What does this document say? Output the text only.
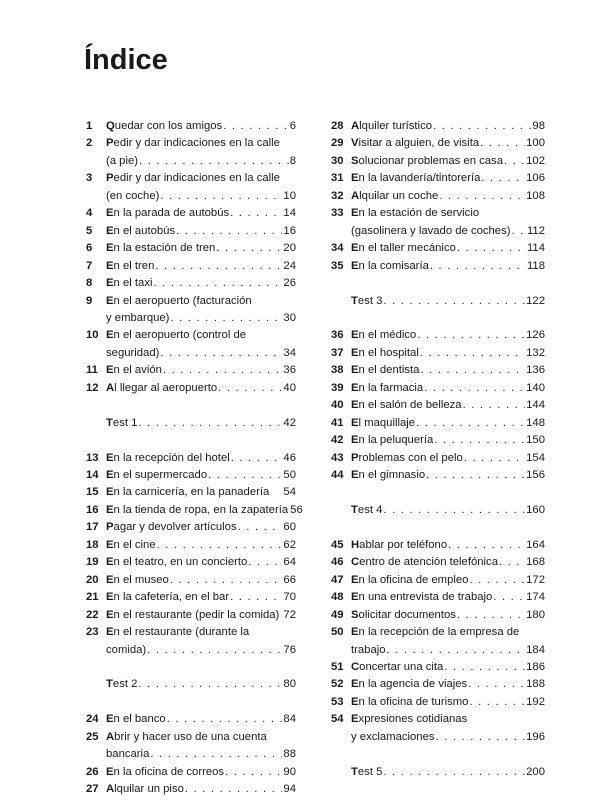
Índice
1	Quedar con los amigos . . .	6
2	Pedir y dar indicaciones en la calle
(a pie) . . .	8
3	Pedir y dar indicaciones en la calle
(en coche) . . .	10
4	En la parada de autobús . . .	14
5	En el autobús . . .	16
6	En la estación de tren . . .	20
7	En el tren . . .	24
8	En el taxi . . .	26
9	En el aeropuerto (facturación
y embarque) . . .	30
10 En el aeropuerto (control de
seguridad) . . .	34
11 En el avión . . .	36
12 Al llegar al aeropuerto . . .	40
Test 1 . . .	42
13 En la recepción del hotel . . .	46
14 En el supermercado . . .	50
15 En la carnicería, en la panadería 54
16 En la tienda de ropa, en la zapatería 56
17 Pagar y devolver artículos . . .	60
18 En el cine . . .	62
19 En el teatro, en un concierto . . .	64
20 En el museo . . .	66
21 En la cafetería, en el bar . . .	70
22 En el restaurante (pedir la comida) 72
23 En el restaurante (durante la
comida) . . .	76
Test 2 . . .	80
24 En el banco . . .	84
25 Abrir y hacer uso de una cuenta
bancaria . . .	88
26 En la oficina de correos . . .	90
27 Alquilar un piso . . .	94
28 Alquiler turístico . . .	98
29 Visitar a alguien, de visita . . .	100
30 Solucionar problemas en casa . . . 102
31 En la lavandería/tintorería . . .	106
32 Alquilar un coche . . .	108
33 En la estación de servicio
(gasolinera y lavado de coches) . . . 112
34 En el taller mecánico . . .	114
35 En la comisaría . . .	118
Test 3 . . .	122
36 En el médico . . .	126
37 En el hospital . . .	132
38 En el dentista . . .	136
39 En la farmacia . . .	140
40 En el salón de belleza . . .	144
41 El maquillaje . . .	148
42 En la peluquería . . .	150
43 Problemas con el pelo . . .	154
44 En el gimnasio . . .	156
Test 4 . . .	160
45 Hablar por teléfono . . .	164
46 Centro de atención telefónica . . . 168
47 En la oficina de empleo . . .	172
48 En una entrevista de trabajo . . .	174
49 Solicitar documentos . . .	180
50 En la recepción de la empresa de
trabajo . . .	184
51 Concertar una cita . . .	186
52 En la agencia de viajes . . .	188
53 En la oficina de turismo . . .	192
54 Expresiones cotidianas
y exclamaciones . . .	196
Test 5 . . .	200
